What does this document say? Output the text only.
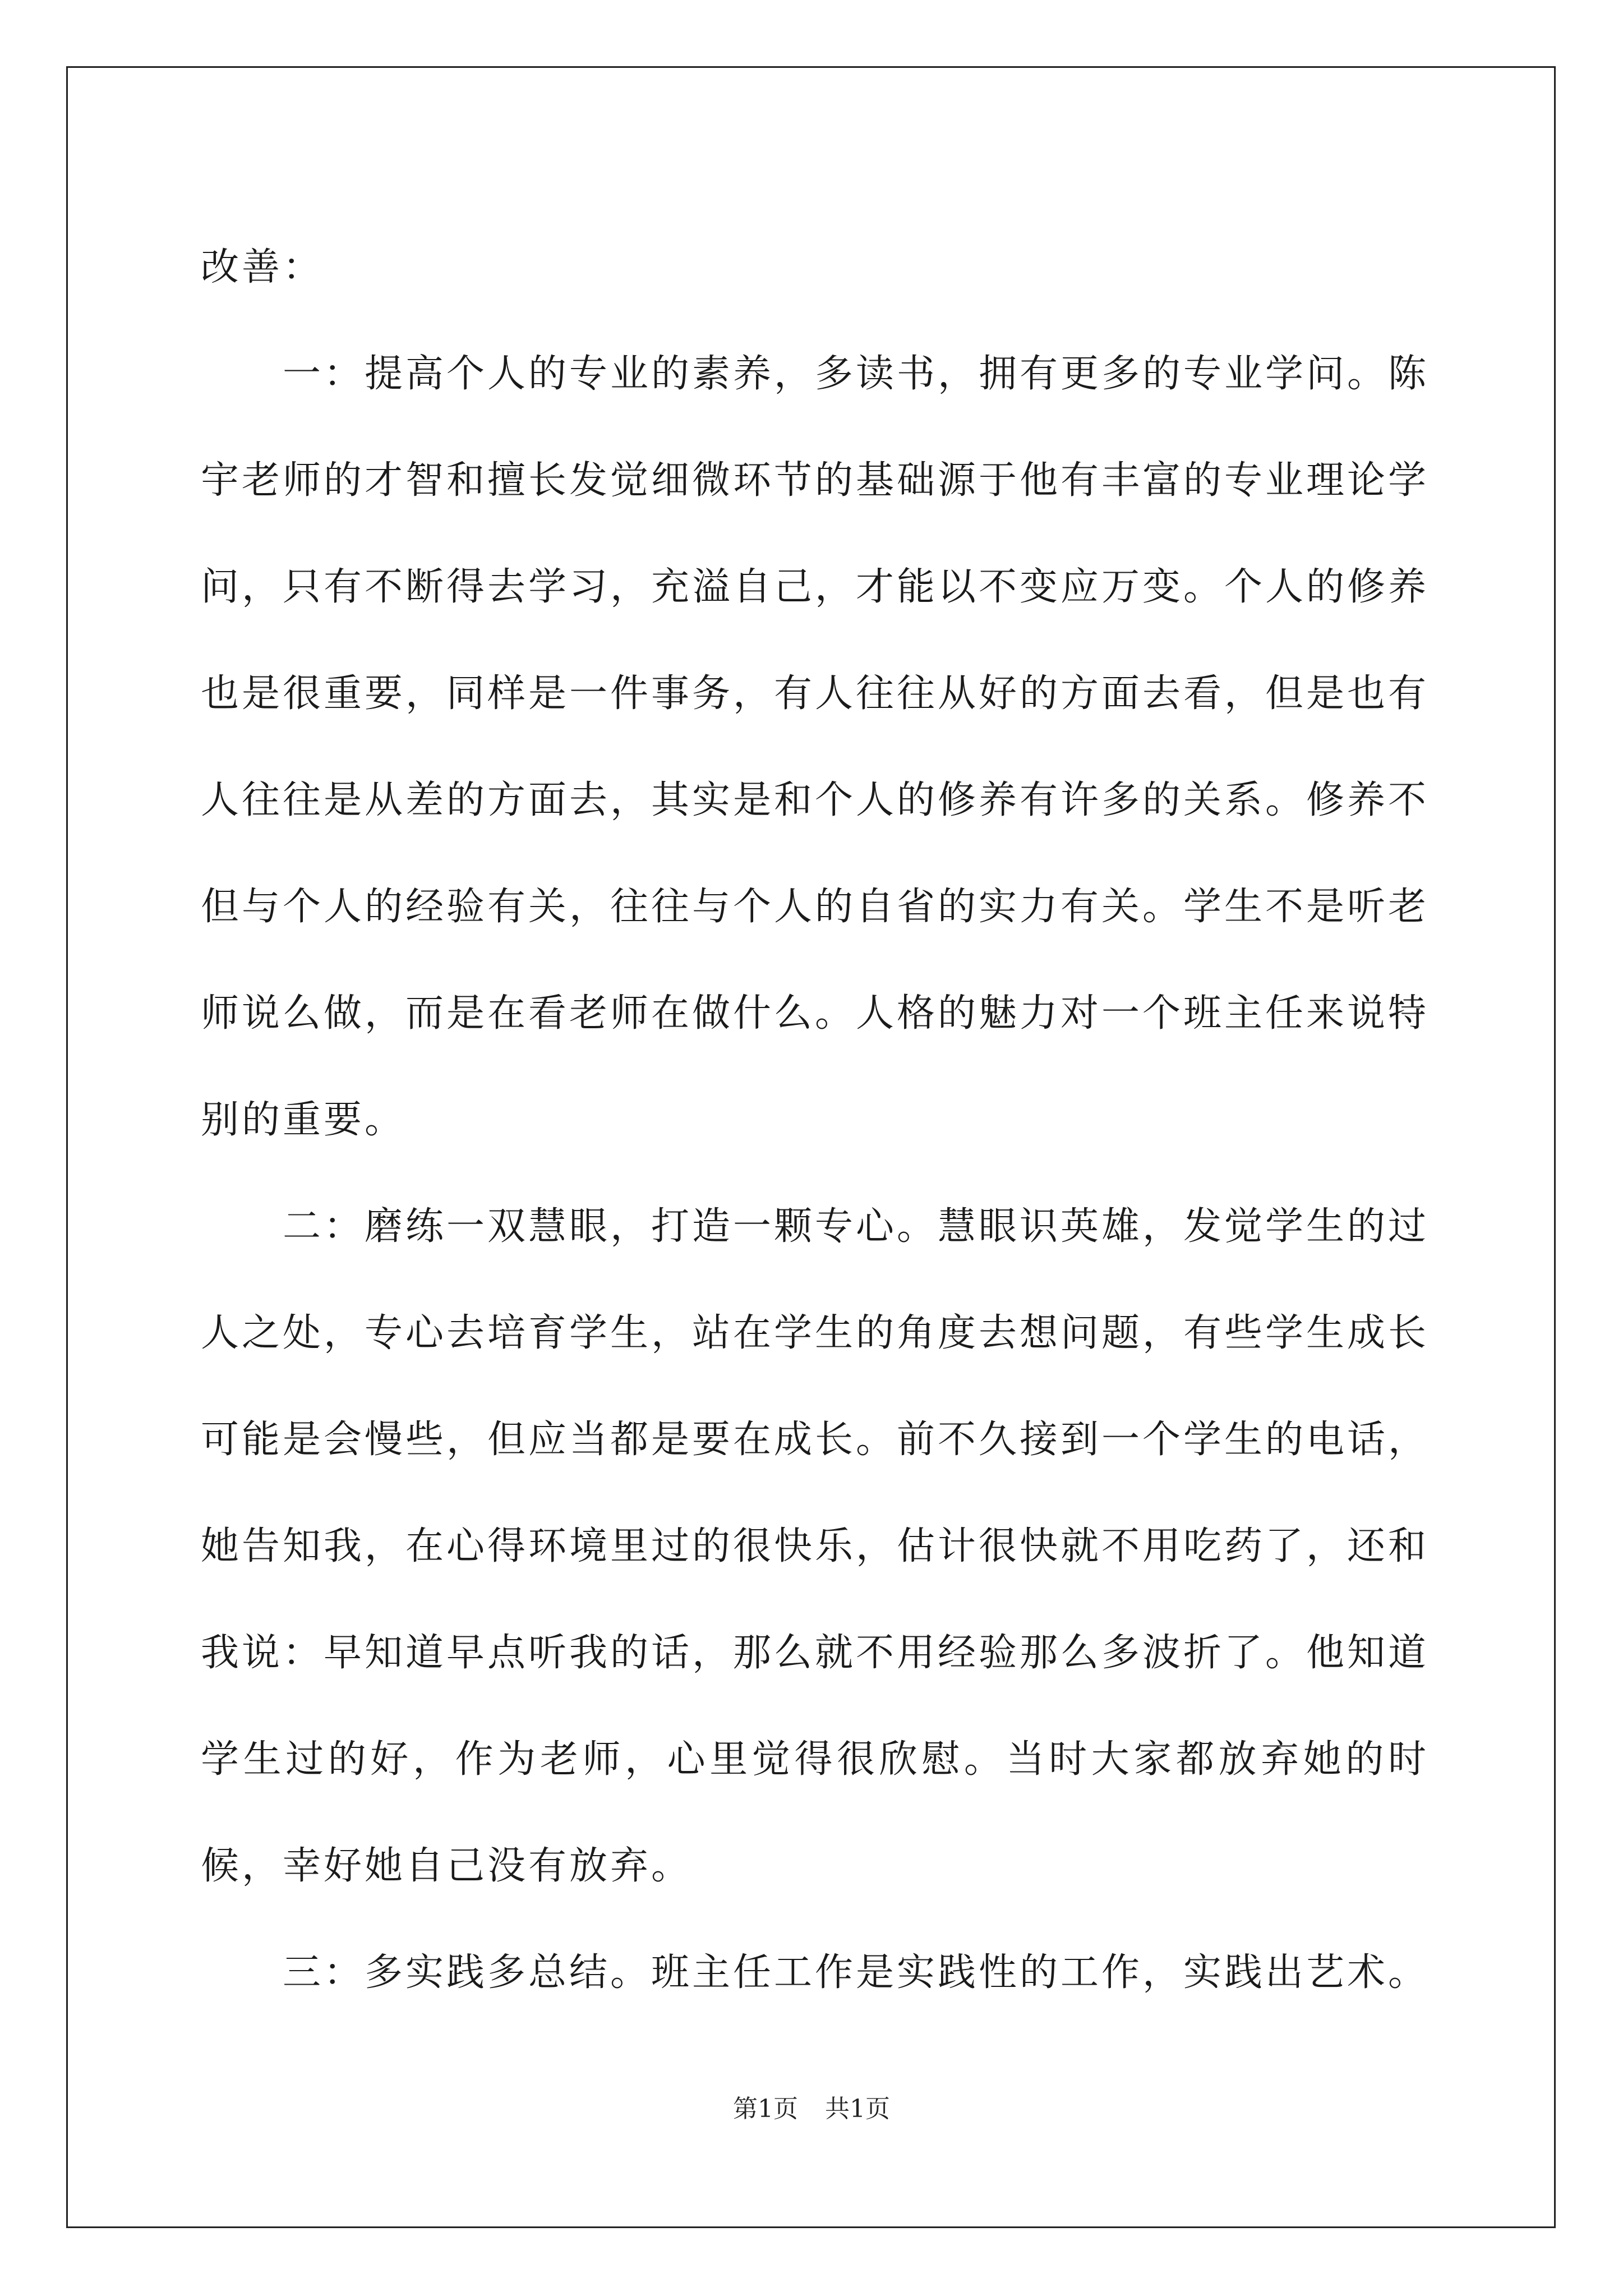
改善：

一：提高个人的专业的素养，多读书，拥有更多的专业学问。陈宇老师的才智和擅长发觉细微环节的基础源于他有丰富的专业理论学问，只有不断得去学习，充溢自己，才能以不变应万变。个人的修养也是很重要，同样是一件事务，有人往往从好的方面去看，但是也有人往往是从差的方面去，其实是和个人的修养有许多的关系。修养不但与个人的经验有关，往往与个人的自省的实力有关。学生不是听老师说么做，而是在看老师在做什么。人格的魅力对一个班主任来说特别的重要。

二：磨练一双慧眼，打造一颗专心。慧眼识英雄，发觉学生的过人之处，专心去培育学生，站在学生的角度去想问题，有些学生成长可能是会慢些，但应当都是要在成长。前不久接到一个学生的电话，她告知我，在心得环境里过的很快乐，估计很快就不用吃药了，还和我说：早知道早点听我的话，那么就不用经验那么多波折了。他知道学生过的好，作为老师，心里觉得很欣慰。当时大家都放弃她的时候，幸好她自己没有放弃。

三：多实践多总结。班主任工作是实践性的工作，实践出艺术。

第1页 共1页
